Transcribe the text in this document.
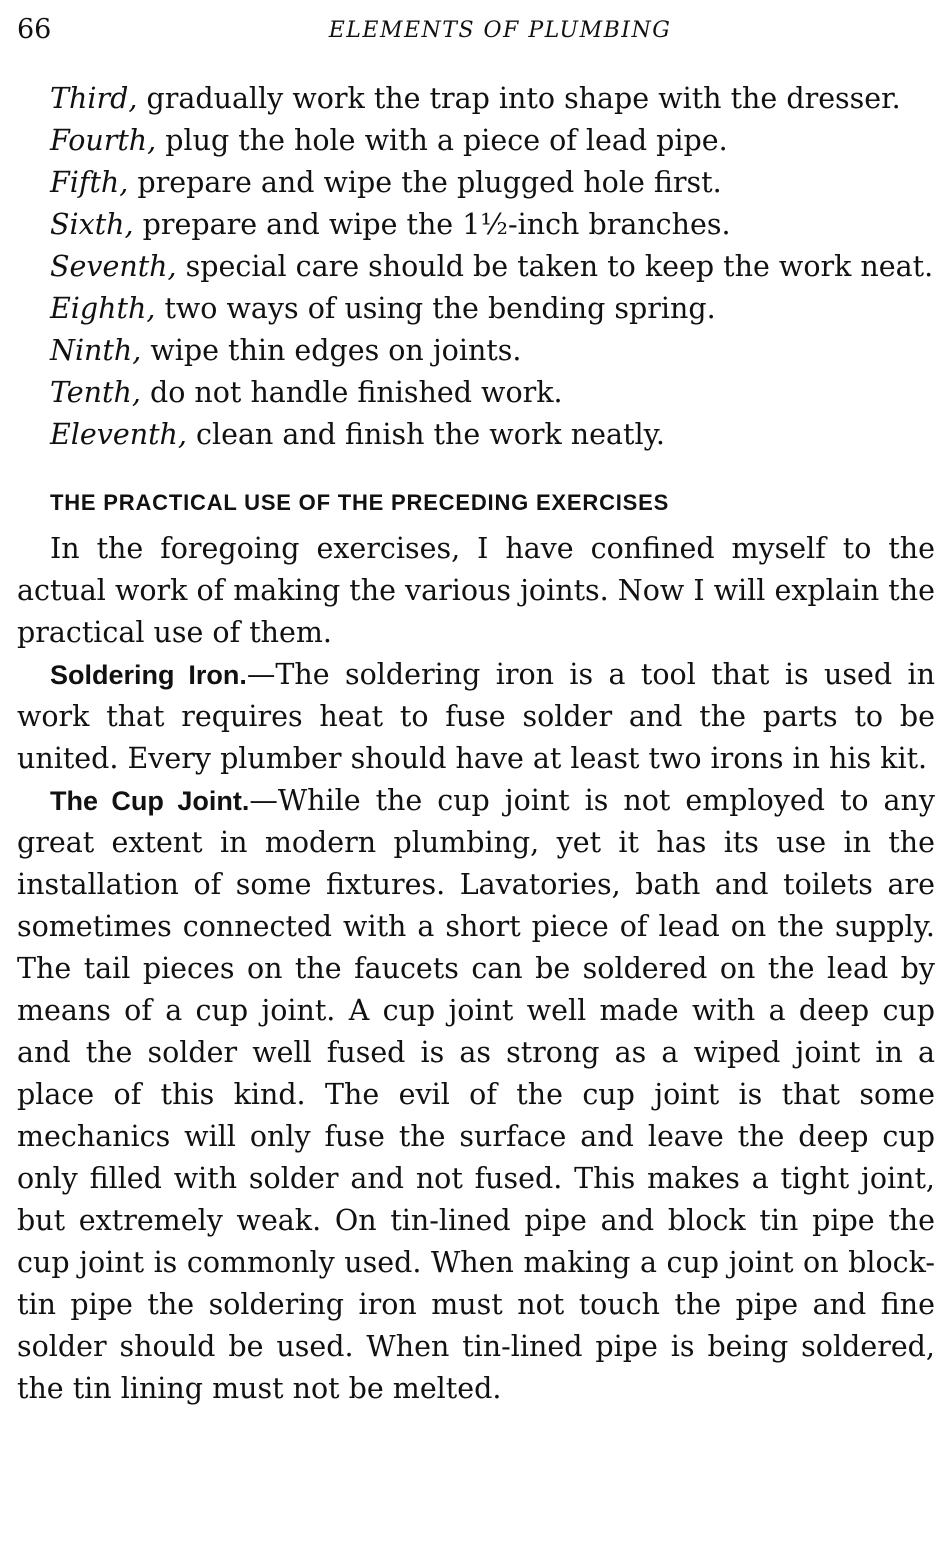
66	ELEMENTS OF PLUMBING

Third, gradually work the trap into shape with the dresser.

Fourth, plug the hole with a piece of lead pipe.

Fifth, prepare and wipe the plugged hole first.

Sixth, prepare and wipe the 1½-inch branches.

Seventh, special care should be taken to keep the work neat.

Eighth, two ways of using the bending spring.

Ninth, wipe thin edges on joints.

Tenth, do not handle finished work.

Eleventh, clean and finish the work neatly.

THE PRACTICAL USE OF THE PRECEDING EXERCISES

In the foregoing exercises, I have confined myself to the actual work of making the various joints. Now I will explain the practical use of them.

Soldering Iron.—The soldering iron is a tool that is used in work that requires heat to fuse solder and the parts to be united. Every plumber should have at least two irons in his kit.

The Cup Joint.—While the cup joint is not employed to any great extent in modern plumbing, yet it has its use in the installation of some fixtures. Lavatories, bath and toilets are sometimes connected with a short piece of lead on the supply. The tail pieces on the faucets can be soldered on the lead by means of a cup joint. A cup joint well made with a deep cup and the solder well fused is as strong as a wiped joint in a place of this kind. The evil of the cup joint is that some mechanics will only fuse the surface and leave the deep cup only filled with solder and not fused. This makes a tight joint, but extremely weak. On tin-lined pipe and block tin pipe the cup joint is commonly used. When making a cup joint on block-tin pipe the soldering iron must not touch the pipe and fine solder should be used. When tin-lined pipe is being soldered, the tin lining must not be melted.
